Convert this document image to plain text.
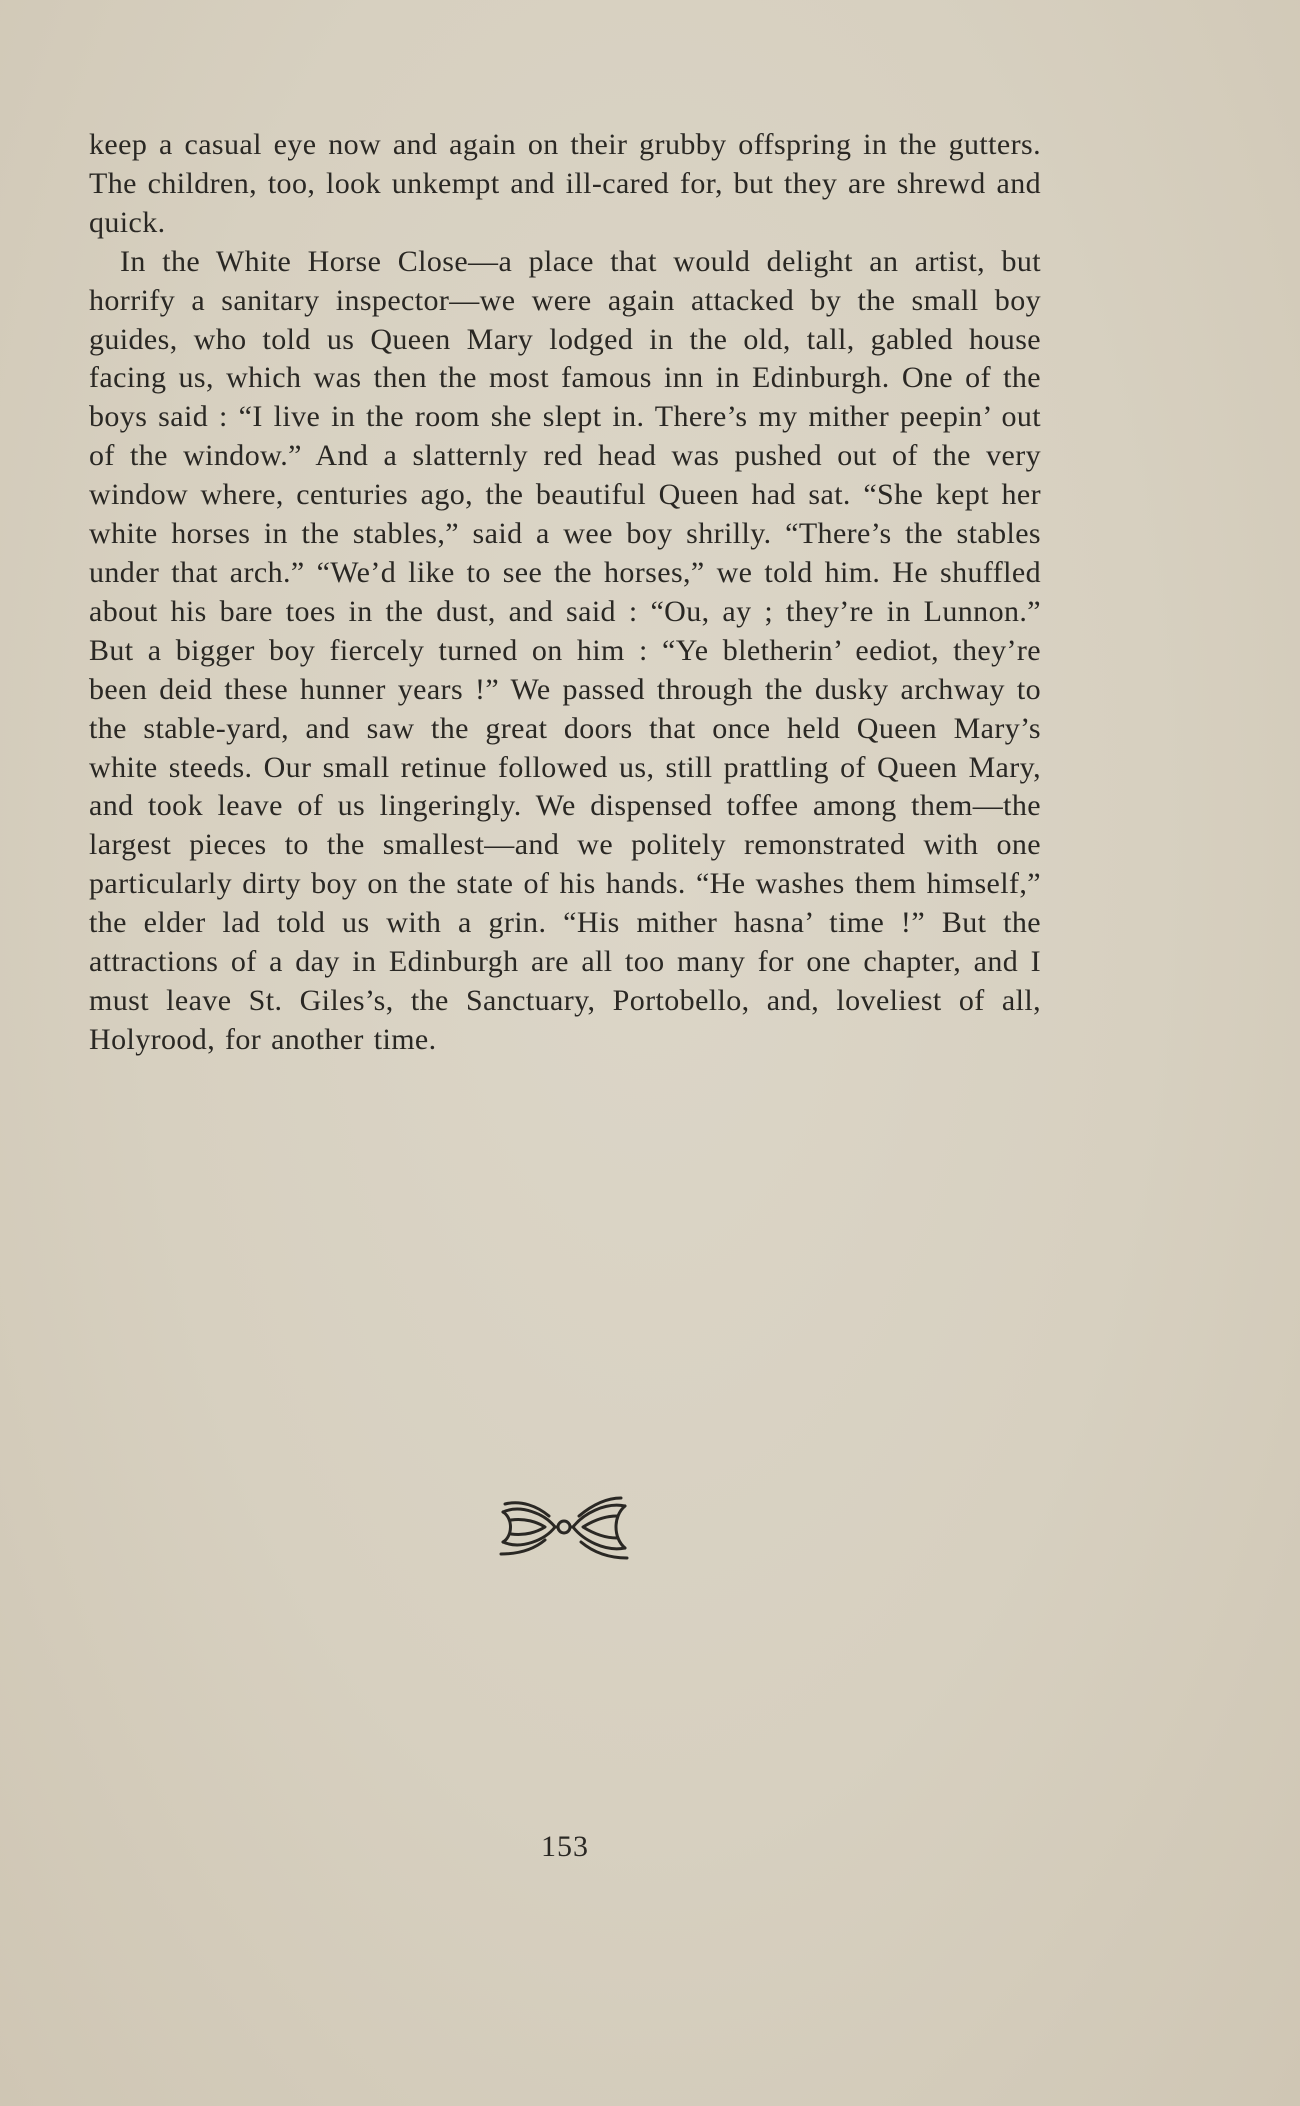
keep a casual eye now and again on their grubby offspring in the gutters. The children, too, look unkempt and ill-cared for, but they are shrewd and quick.

In the White Horse Close—a place that would delight an artist, but horrify a sanitary inspector—we were again attacked by the small boy guides, who told us Queen Mary lodged in the old, tall, gabled house facing us, which was then the most famous inn in Edinburgh. One of the boys said : “I live in the room she slept in. There’s my mither peepin’ out of the window.” And a slatternly red head was pushed out of the very window where, centuries ago, the beautiful Queen had sat. “She kept her white horses in the stables,” said a wee boy shrilly. “There’s the stables under that arch.” “We’d like to see the horses,” we told him. He shuffled about his bare toes in the dust, and said : “Ou, ay ; they’re in Lunnon.” But a bigger boy fiercely turned on him : “Ye bletherin’ eediot, they’re been deid these hunner years !” We passed through the dusky archway to the stable-yard, and saw the great doors that once held Queen Mary’s white steeds. Our small retinue followed us, still prattling of Queen Mary, and took leave of us lingeringly. We dispensed toffee among them—the largest pieces to the smallest—and we politely remonstrated with one particularly dirty boy on the state of his hands. “He washes them himself,” the elder lad told us with a grin. “His mither hasna’ time !” But the attractions of a day in Edinburgh are all too many for one chapter, and I must leave St. Giles’s, the Sanctuary, Portobello, and, loveliest of all, Holyrood, for another time.

153
